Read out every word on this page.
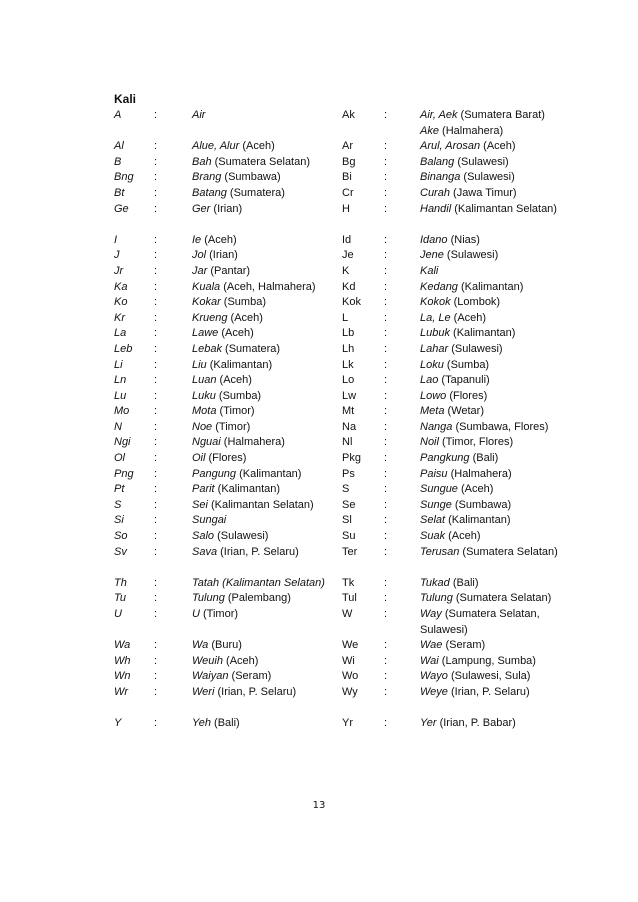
Kali
A	:	Air	Ak	:	Air, Aek (Sumatera Barat)
Ake (Halmahera)
Al	:	Alue, Alur (Aceh)	Ar	:	Arul, Arosan (Aceh)
B	:	Bah (Sumatera Selatan)	Bg	:	Balang (Sulawesi)
Bng :	Brang (Sumbawa)	Bi	:	Binanga (Sulawesi)
Bt	:	Batang (Sumatera)	Cr	:	Curah (Jawa Timur)
Ge :	Ger (Irian)	H	:	Handil (Kalimantan Selatan)
I	:	Ie (Aceh)	Id	:	Idano (Nias)
J	:	Jol (Irian)	Je	:	Jene (Sulawesi)
Jr	:	Jar (Pantar)	K	:	Kali
Ka :	Kuala (Aceh, Halmahera)	Kd	:	Kedang (Kalimantan)
Ko :	Kokar (Sumba)	Kok	:	Kokok (Lombok)
Kr	:	Krueng (Aceh)	L	:	La, Le (Aceh)
La	:	Lawe (Aceh)	Lb	:	Lubuk (Kalimantan)
Leb :	Lebak (Sumatera)	Lh	:	Lahar (Sulawesi)
Li	:	Liu (Kalimantan)	Lk	:	Loku (Sumba)
Ln	:	Luan (Aceh)	Lo	:	Lao (Tapanuli)
Lu	:	Luku (Sumba)	Lw	:	Lowo (Flores)
Mo :	Mota (Timor)	Mt	:	Meta (Wetar)
N	:	Noe (Timor)	Na	:	Nanga (Sumbawa, Flores)
Ngi :	Nguai (Halmahera)	Nl	:	Noil (Timor, Flores)
Ol	:	Oil (Flores)	Pkg	:	Pangkung (Bali)
Png :	Pangung (Kalimantan)	Ps	:	Paisu (Halmahera)
Pt	:	Parit (Kalimantan)	S	:	Sungue (Aceh)
S	:	Sei (Kalimantan Selatan)	Se	:	Sunge (Sumbawa)
Si	:	Sungai	Sl	:	Selat (Kalimantan)
So :	Salo (Sulawesi)	Su	:	Suak (Aceh)
Sv :	Sava (Irian, P. Selaru)	Ter	:	Terusan (Sumatera Selatan)
Th :	Tatah (Kalimantan Selatan)	Tk	:	Tukad (Bali)
Tu	:	Tulung (Palembang)	Tul	:	Tulung (Sumatera Selatan)
U	:	U (Timor)	W	:	Way (Sumatera Selatan, Sulawesi)
Wa :	Wa (Buru)	We	:	Wae (Seram)
Wh :	Weuih (Aceh)	Wi	:	Wai (Lampung, Sumba)
Wn :	Waiyan (Seram)	Wo	:	Wayo (Sulawesi, Sula)
Wr :	Weri (Irian, P. Selaru)	Wy	:	Weye (Irian, P. Selaru)
Y	:	Yeh (Bali)	Yr	:	Yer (Irian, P. Babar)
13
